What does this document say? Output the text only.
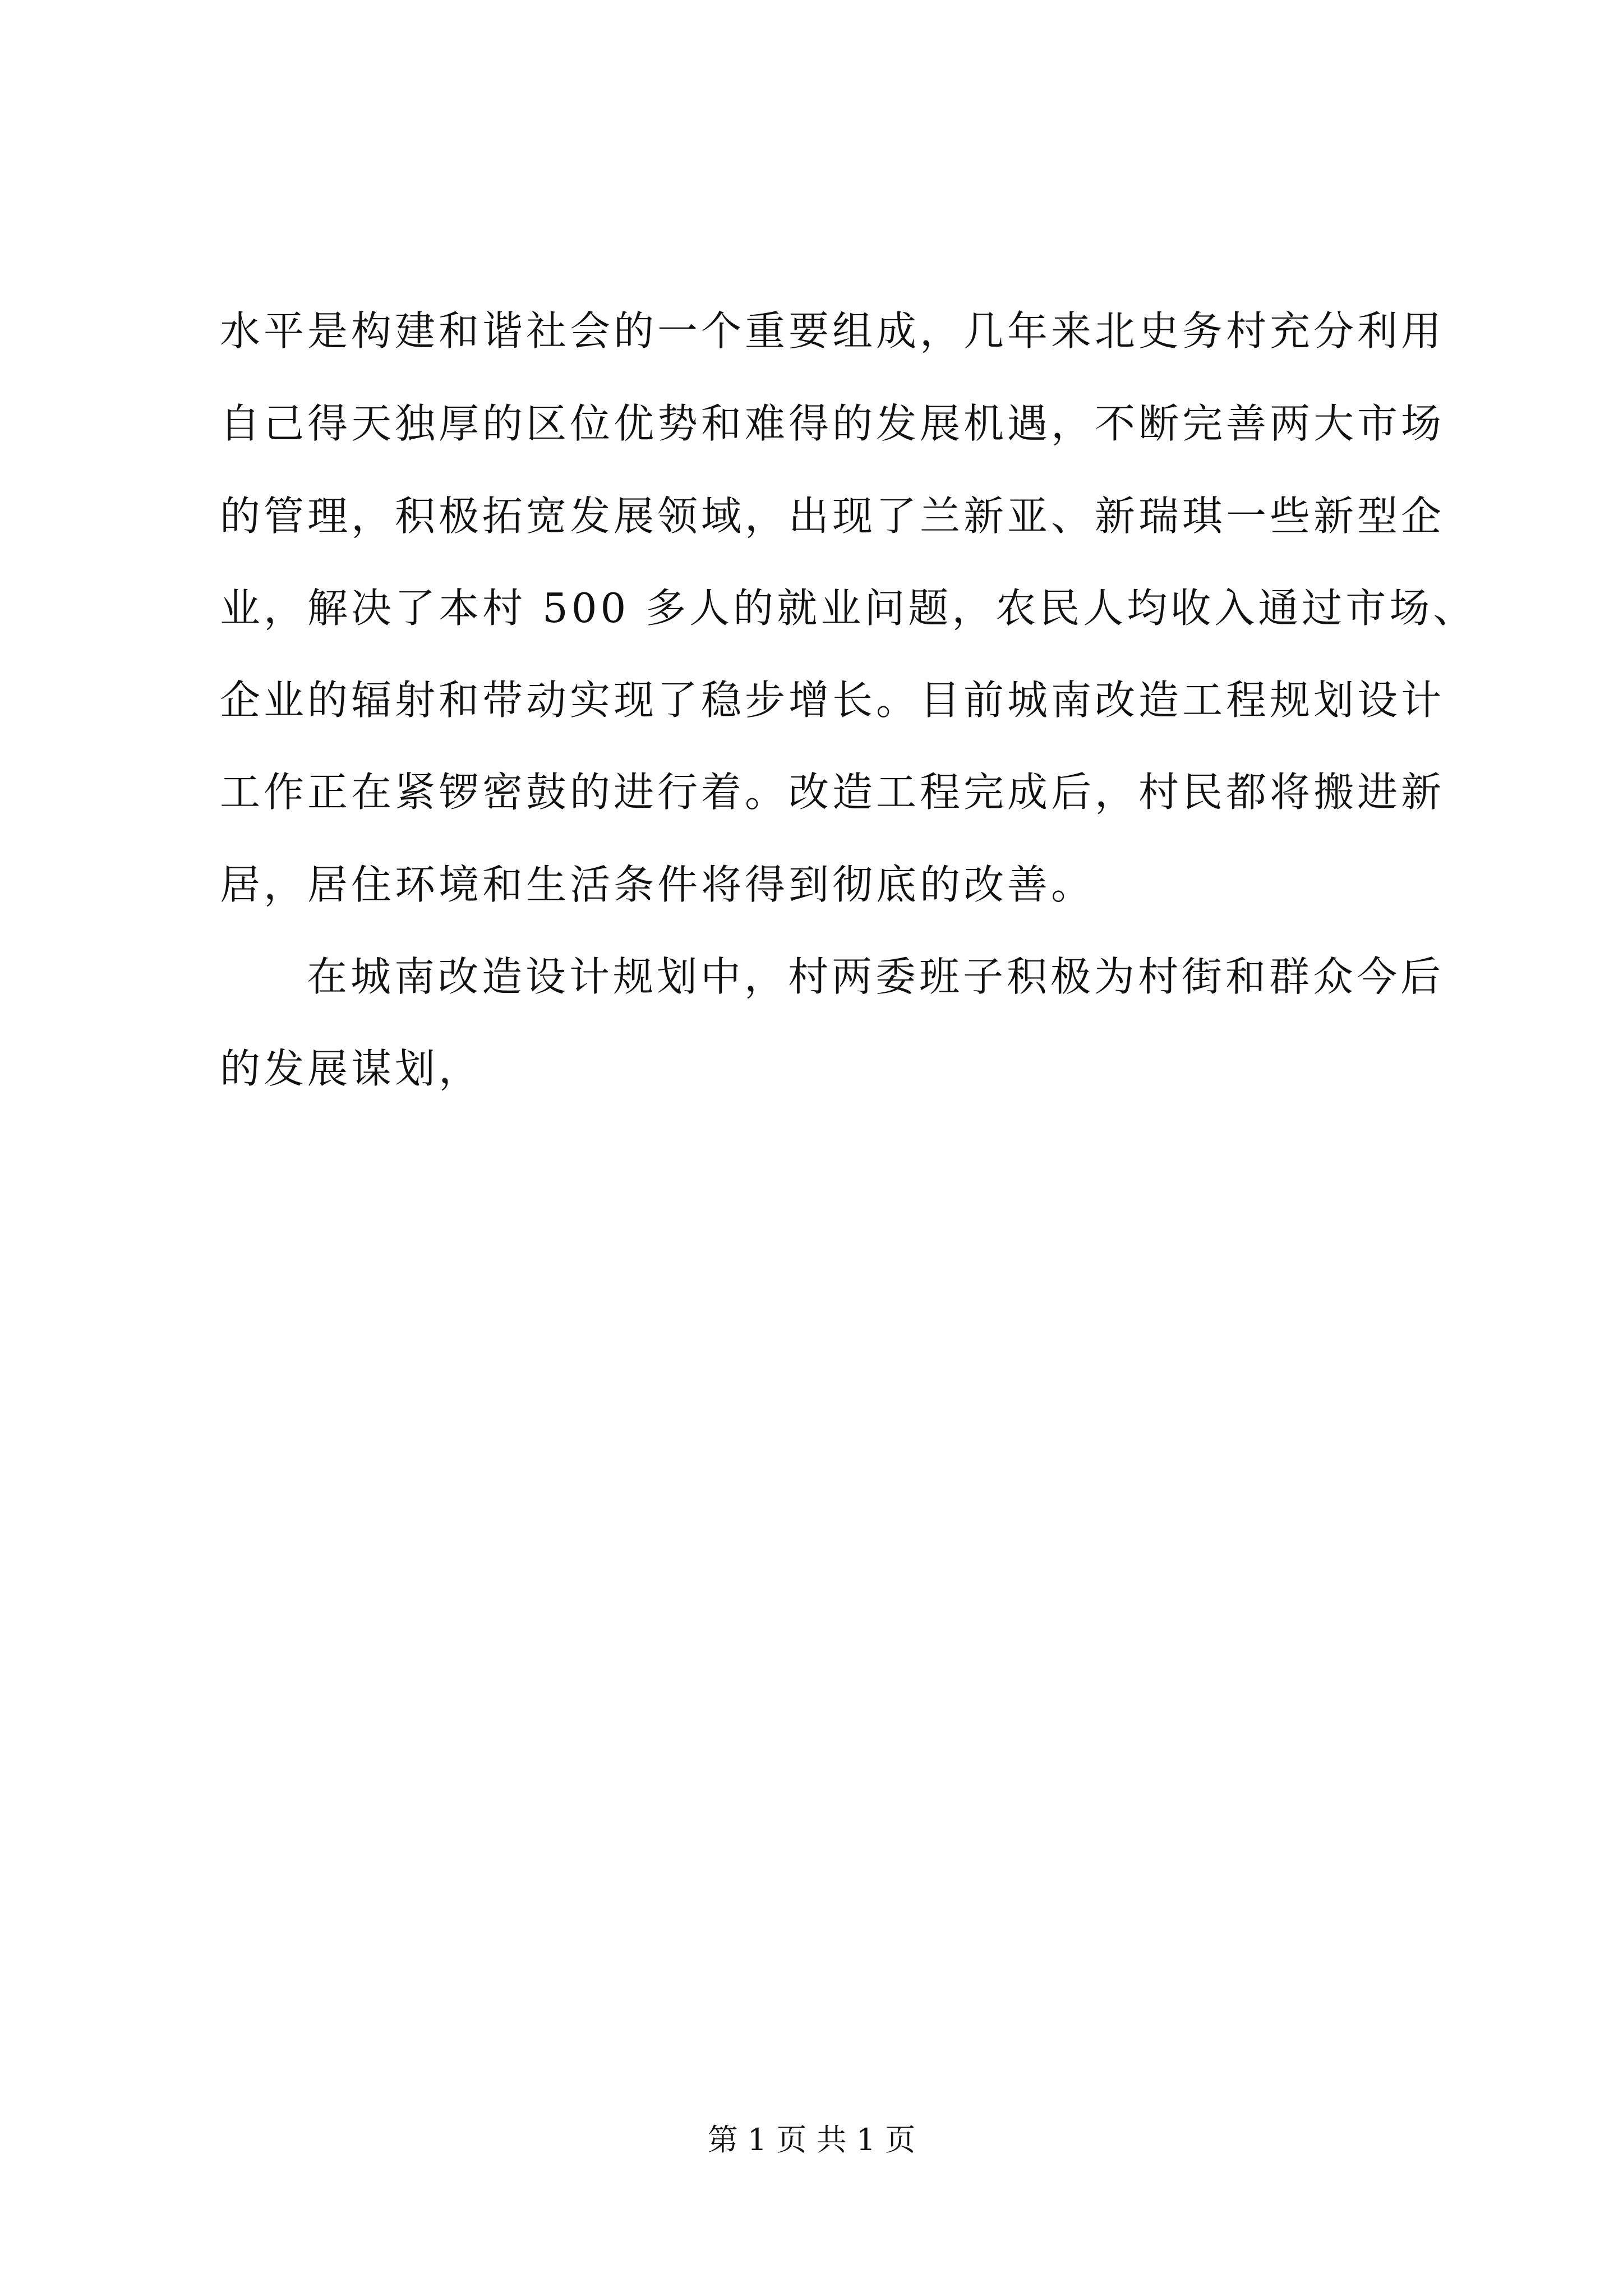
水平是构建和谐社会的一个重要组成，几年来北史务村充分利用
自己得天独厚的区位优势和难得的发展机遇，不断完善两大市场
的管理，积极拓宽发展领域，出现了兰新亚、新瑞琪一些新型企
业，解决了本村 500 多人的就业问题，农民人均收入通过市场、
企业的辐射和带动实现了稳步增长。目前城南改造工程规划设计
工作正在紧锣密鼓的进行着。改造工程完成后，村民都将搬进新
居，居住环境和生活条件将得到彻底的改善。
在城南改造设计规划中，村两委班子积极为村街和群众今后
的发展谋划，
第 1 页 共 1 页
